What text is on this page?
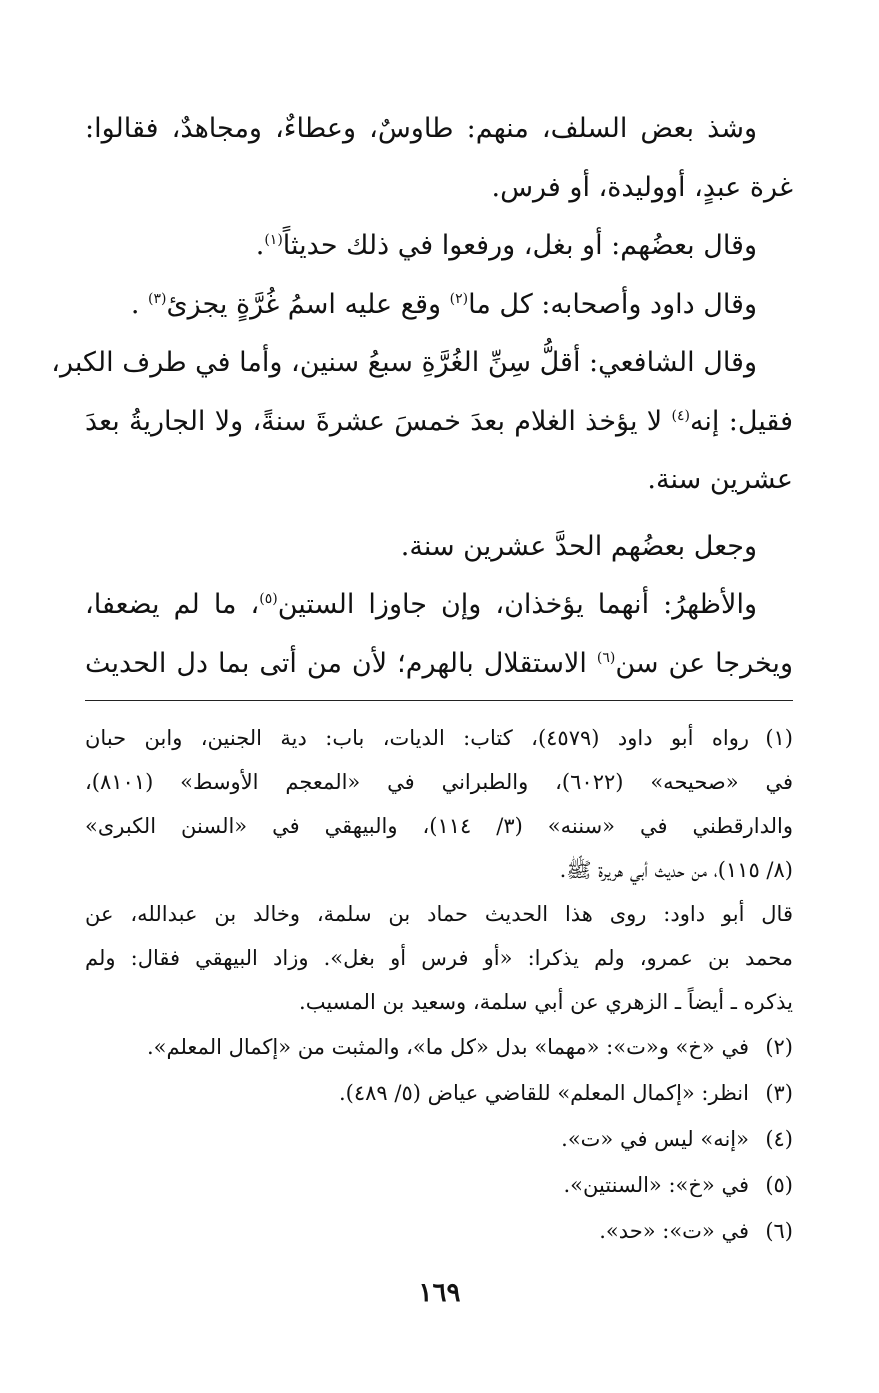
وشذ بعض السلف، منهم: طاوسٌ، وعطاءٌ، ومجاهدٌ، فقالوا:
غرة عبدٍ، أووليدة، أو فرس.
وقال بعضُهم: أو بغل، ورفعوا في ذلك حديثاً$^{(١)}$.
وقال داود وأصحابه: كل ما$^{(٢)}$ وقع عليه اسمُ غُرَّةٍ يجزئ$^{(٣)}$ .
وقال الشافعي: أقلُّ سِنِّ الغُرَّةِ سبعُ سنين، وأما في طرف الكبر،
فقيل: إنه$^{(٤)}$ لا يؤخذ الغلام بعدَ خمسَ عشرةَ سنةً، ولا الجاريةُ بعدَ
عشرين سنة.
وجعل بعضُهم الحدَّ عشرين سنة.
والأظهرُ: أنهما يؤخذان، وإن جاوزا الستين$^{(٥)}$، ما لم يضعفا،
ويخرجا عن سن$^{(٦)}$ الاستقلال بالهرم؛ لأن من أتى بما دل الحديث
(١)
رواه أبو داود (٤٥٧٩)، كتاب: الديات، باب: دية الجنين، وابن حبان
في «صحيحه» (٦٠٢٢)، والطبراني في «المعجم الأوسط» (٨١٠١)،
والدارقطني في «سننه» (٣/ ١١٤)، والبيهقي في «السنن الكبرى»
(٨/ ١١٥)، من حديث أبي هريرة ﷺ.
قال أبو داود: روى هذا الحديث حماد بن سلمة، وخالد بن عبدالله، عن
محمد بن عمرو، ولم يذكرا: «أو فرس أو بغل». وزاد البيهقي فقال: ولم
يذكره ـ أيضاً ـ الزهري عن أبي سلمة، وسعيد بن المسيب.
(٢)
في «خ» و«ت»: «مهما» بدل «كل ما»، والمثبت من «إكمال المعلم».
(٣)
انظر: «إكمال المعلم» للقاضي عياض (٥/ ٤٨٩).
(٤)
«إنه» ليس في «ت».
(٥)
في «خ»: «السنتين».
(٦)
في «ت»: «حد».
١٦٩
